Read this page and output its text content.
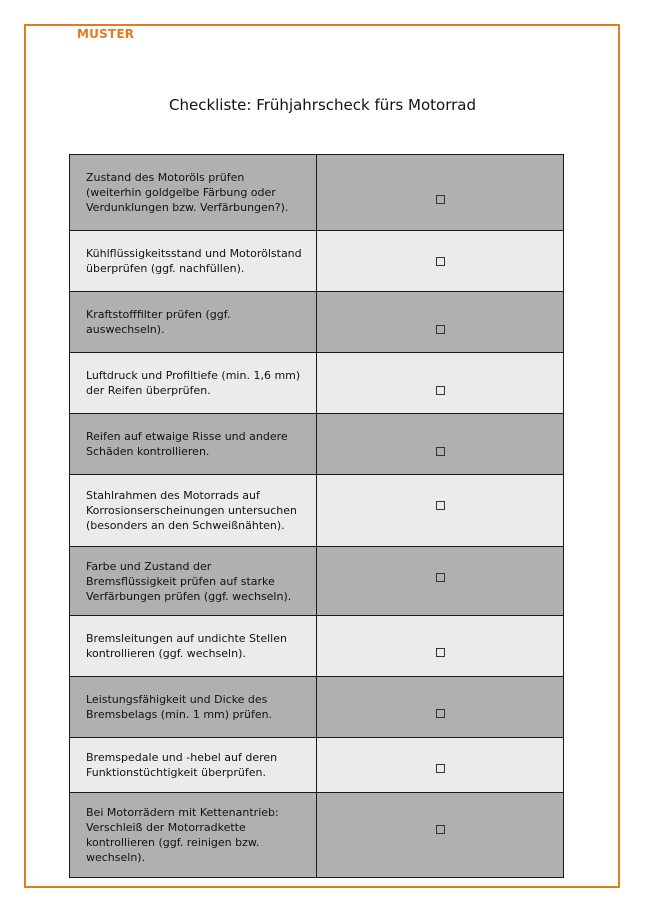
MUSTER
Checkliste: Frühjahrscheck fürs Motorrad
Zustand des Motoröls prüfen (weiterhin goldgelbe Färbung oder Verdunklungen bzw. Verfärbungen?).	
Kühlflüssigkeitsstand und Motorölstand überprüfen (ggf. nachfüllen).	
Kraftstofffilter prüfen (ggf. auswechseln).	
Luftdruck und Profiltiefe (min. 1,6 mm) der Reifen überprüfen.	
Reifen auf etwaige Risse und andere Schäden kontrollieren.	
Stahlrahmen des Motorrads auf Korrosionserscheinungen untersuchen (besonders an den Schweißnähten).	
Farbe und Zustand der Bremsflüssigkeit prüfen auf starke Verfärbungen prüfen (ggf. wechseln).	
Bremsleitungen auf undichte Stellen kontrollieren (ggf. wechseln).	
Leistungsfähigkeit und Dicke des Bremsbelags (min. 1 mm) prüfen.	
Bremspedale und -hebel auf deren Funktionstüchtigkeit überprüfen.	
Bei Motorrädern mit Kettenantrieb: Verschleiß der Motorradkette kontrollieren (ggf. reinigen bzw. wechseln).	
